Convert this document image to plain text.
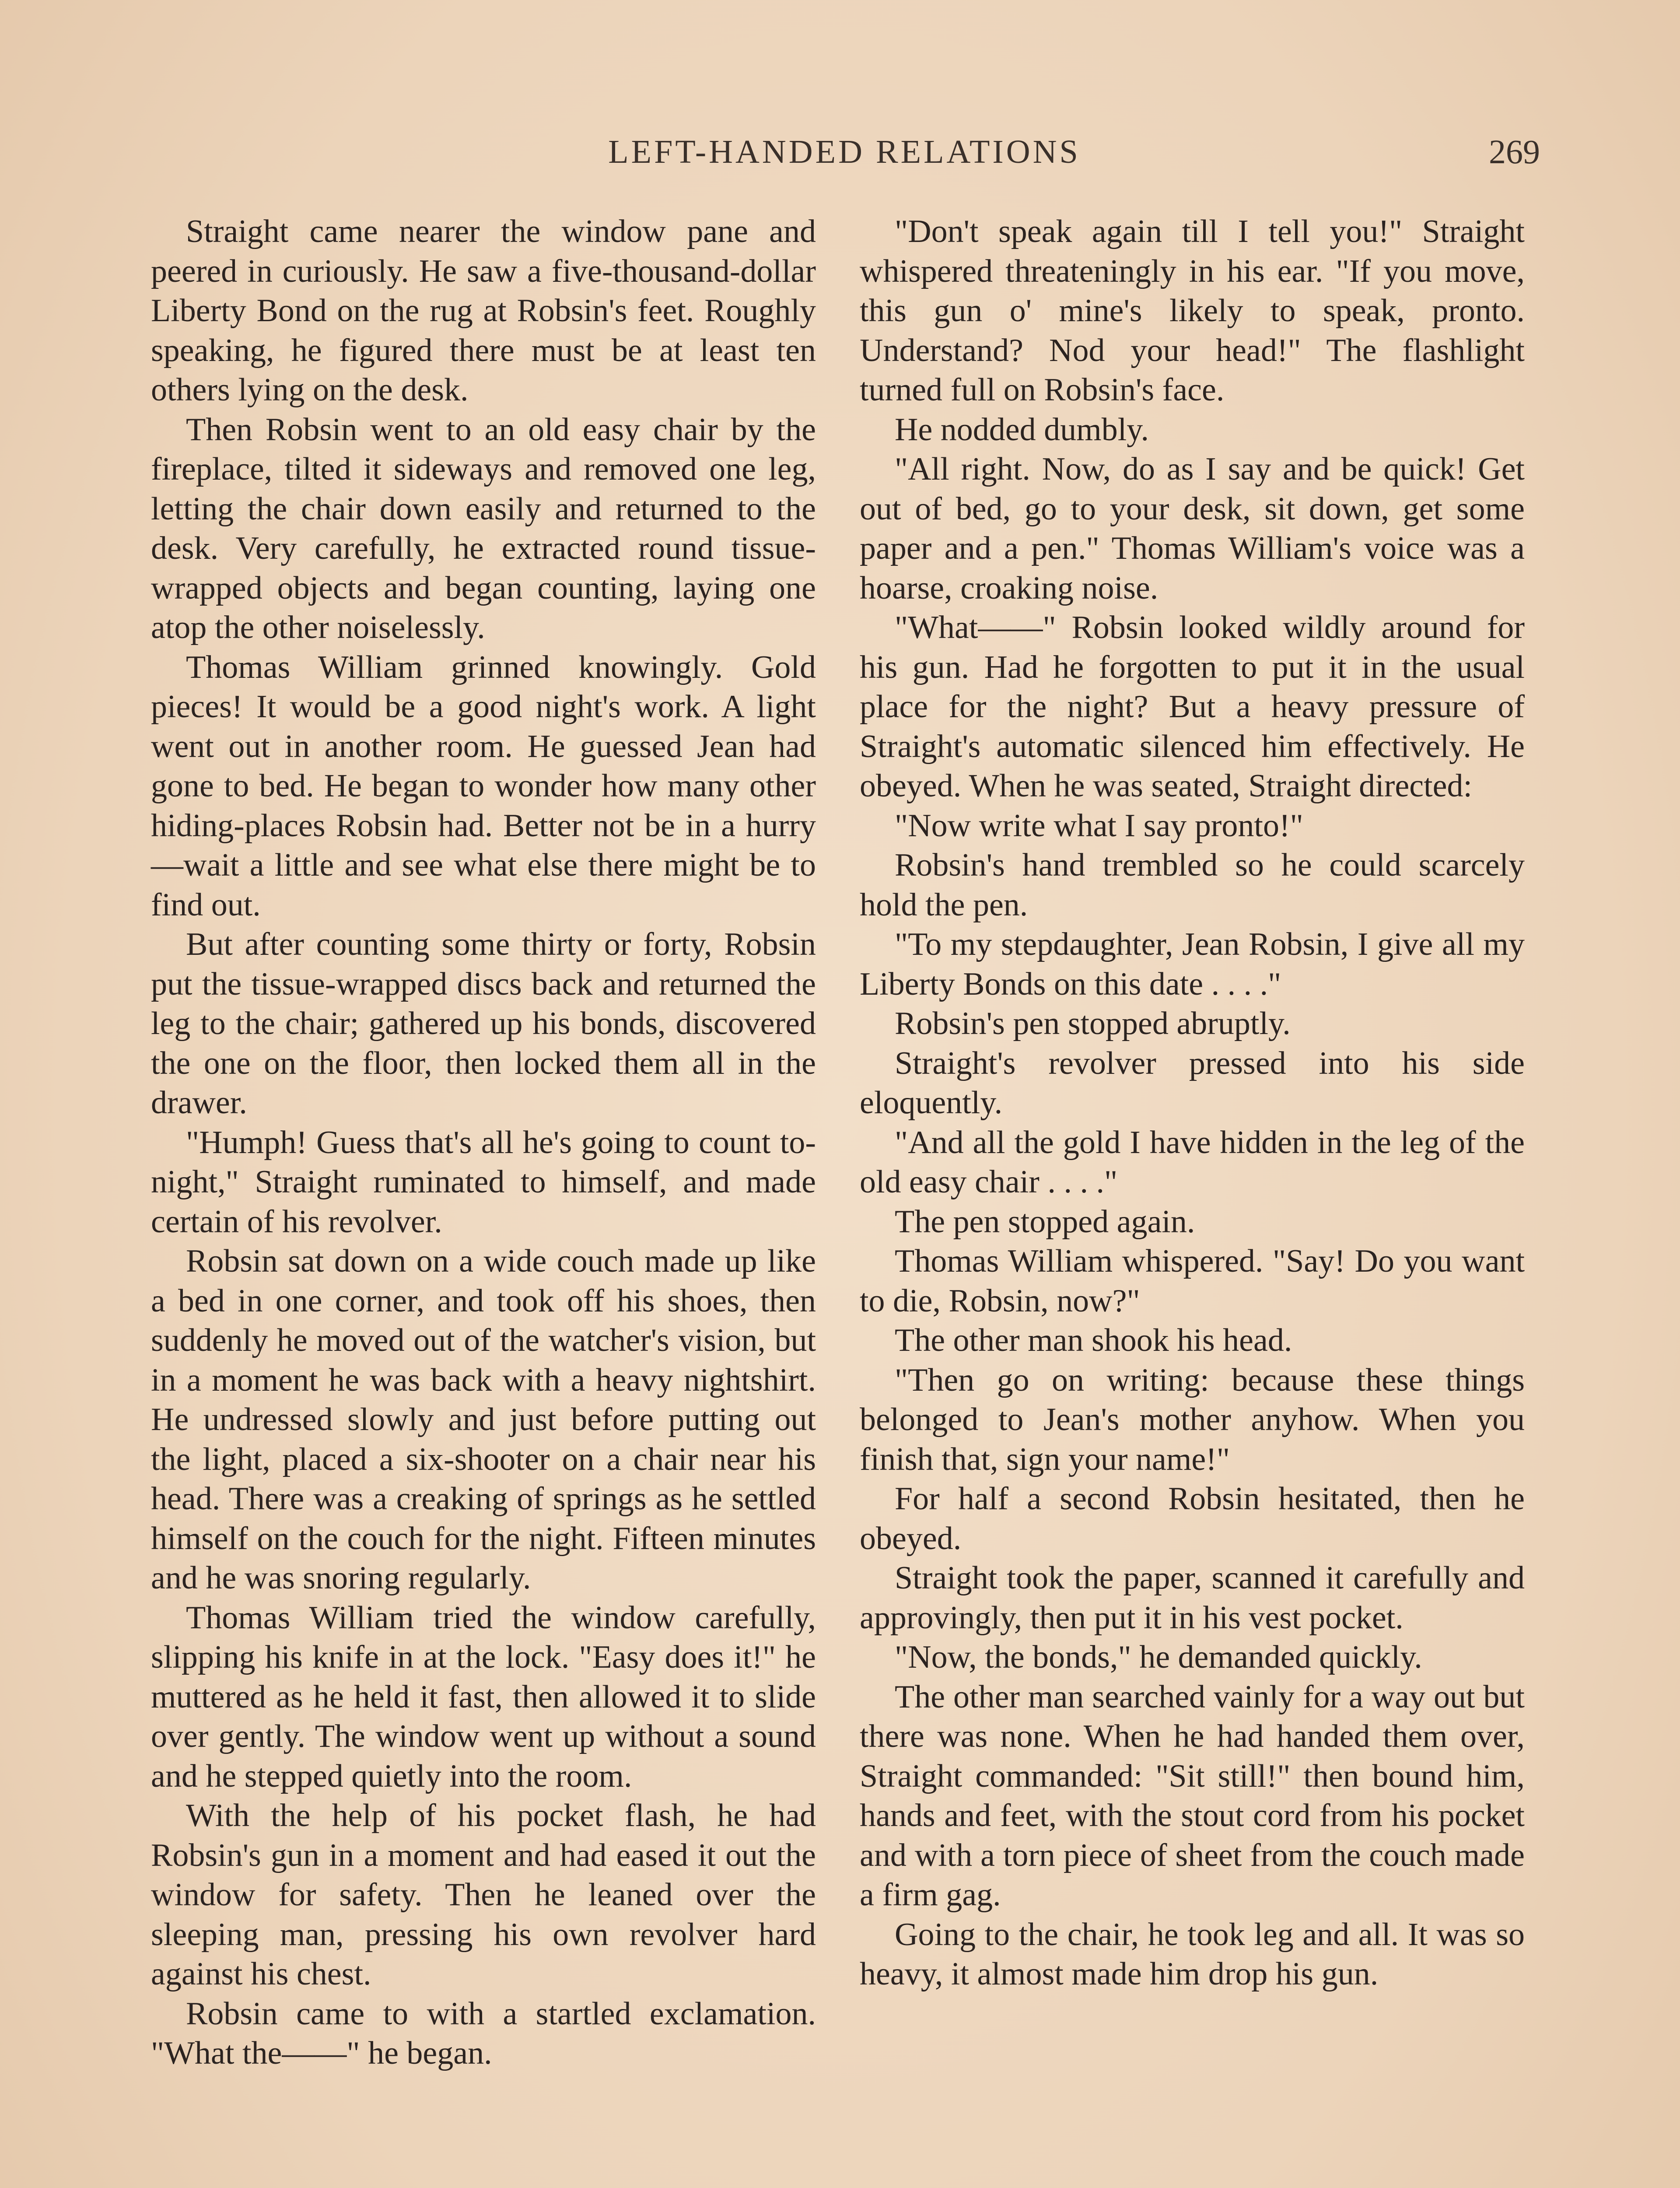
LEFT-HANDED RELATIONS	269

Straight came nearer the window pane and peered in curiously. He saw a five-thousand-dollar Liberty Bond on the rug at Robsin's feet. Roughly speaking, he figured there must be at least ten others lying on the desk.

Then Robsin went to an old easy chair by the fireplace, tilted it sideways and removed one leg, letting the chair down easily and returned to the desk. Very carefully, he extracted round tissue-wrapped objects and began counting, laying one atop the other noiselessly.

Thomas William grinned knowingly. Gold pieces! It would be a good night's work. A light went out in another room. He guessed Jean had gone to bed. He began to wonder how many other hiding-places Robsin had. Better not be in a hurry—wait a little and see what else there might be to find out.

But after counting some thirty or forty, Robsin put the tissue-wrapped discs back and returned the leg to the chair; gathered up his bonds, discovered the one on the floor, then locked them all in the drawer.

"Humph! Guess that's all he's going to count to-night," Straight ruminated to himself, and made certain of his revolver.

Robsin sat down on a wide couch made up like a bed in one corner, and took off his shoes, then suddenly he moved out of the watcher's vision, but in a moment he was back with a heavy nightshirt. He undressed slowly and just before putting out the light, placed a six-shooter on a chair near his head. There was a creaking of springs as he settled himself on the couch for the night. Fifteen minutes and he was snoring regularly.

Thomas William tried the window carefully, slipping his knife in at the lock. "Easy does it!" he muttered as he held it fast, then allowed it to slide over gently. The window went up without a sound and he stepped quietly into the room.

With the help of his pocket flash, he had Robsin's gun in a moment and had eased it out the window for safety. Then he leaned over the sleeping man, pressing his own revolver hard against his chest.

Robsin came to with a startled exclamation. "What the——" he began.

"Don't speak again till I tell you!" Straight whispered threateningly in his ear. "If you move, this gun o' mine's likely to speak, pronto. Understand? Nod your head!" The flashlight turned full on Robsin's face.

He nodded dumbly.

"All right. Now, do as I say and be quick! Get out of bed, go to your desk, sit down, get some paper and a pen." Thomas William's voice was a hoarse, croaking noise.

"What——" Robsin looked wildly around for his gun. Had he forgotten to put it in the usual place for the night? But a heavy pressure of Straight's automatic silenced him effectively. He obeyed. When he was seated, Straight directed:

"Now write what I say pronto!"

Robsin's hand trembled so he could scarcely hold the pen.

"To my stepdaughter, Jean Robsin, I give all my Liberty Bonds on this date . . . ."

Robsin's pen stopped abruptly.

Straight's revolver pressed into his side eloquently.

"And all the gold I have hidden in the leg of the old easy chair . . . ."

The pen stopped again.

Thomas William whispered. "Say! Do you want to die, Robsin, now?"

The other man shook his head.

"Then go on writing: because these things belonged to Jean's mother anyhow. When you finish that, sign your name!"

For half a second Robsin hesitated, then he obeyed.

Straight took the paper, scanned it carefully and approvingly, then put it in his vest pocket.

"Now, the bonds," he demanded quickly.

The other man searched vainly for a way out but there was none. When he had handed them over, Straight commanded: "Sit still!" then bound him, hands and feet, with the stout cord from his pocket and with a torn piece of sheet from the couch made a firm gag.

Going to the chair, he took leg and all. It was so heavy, it almost made him drop his gun.
